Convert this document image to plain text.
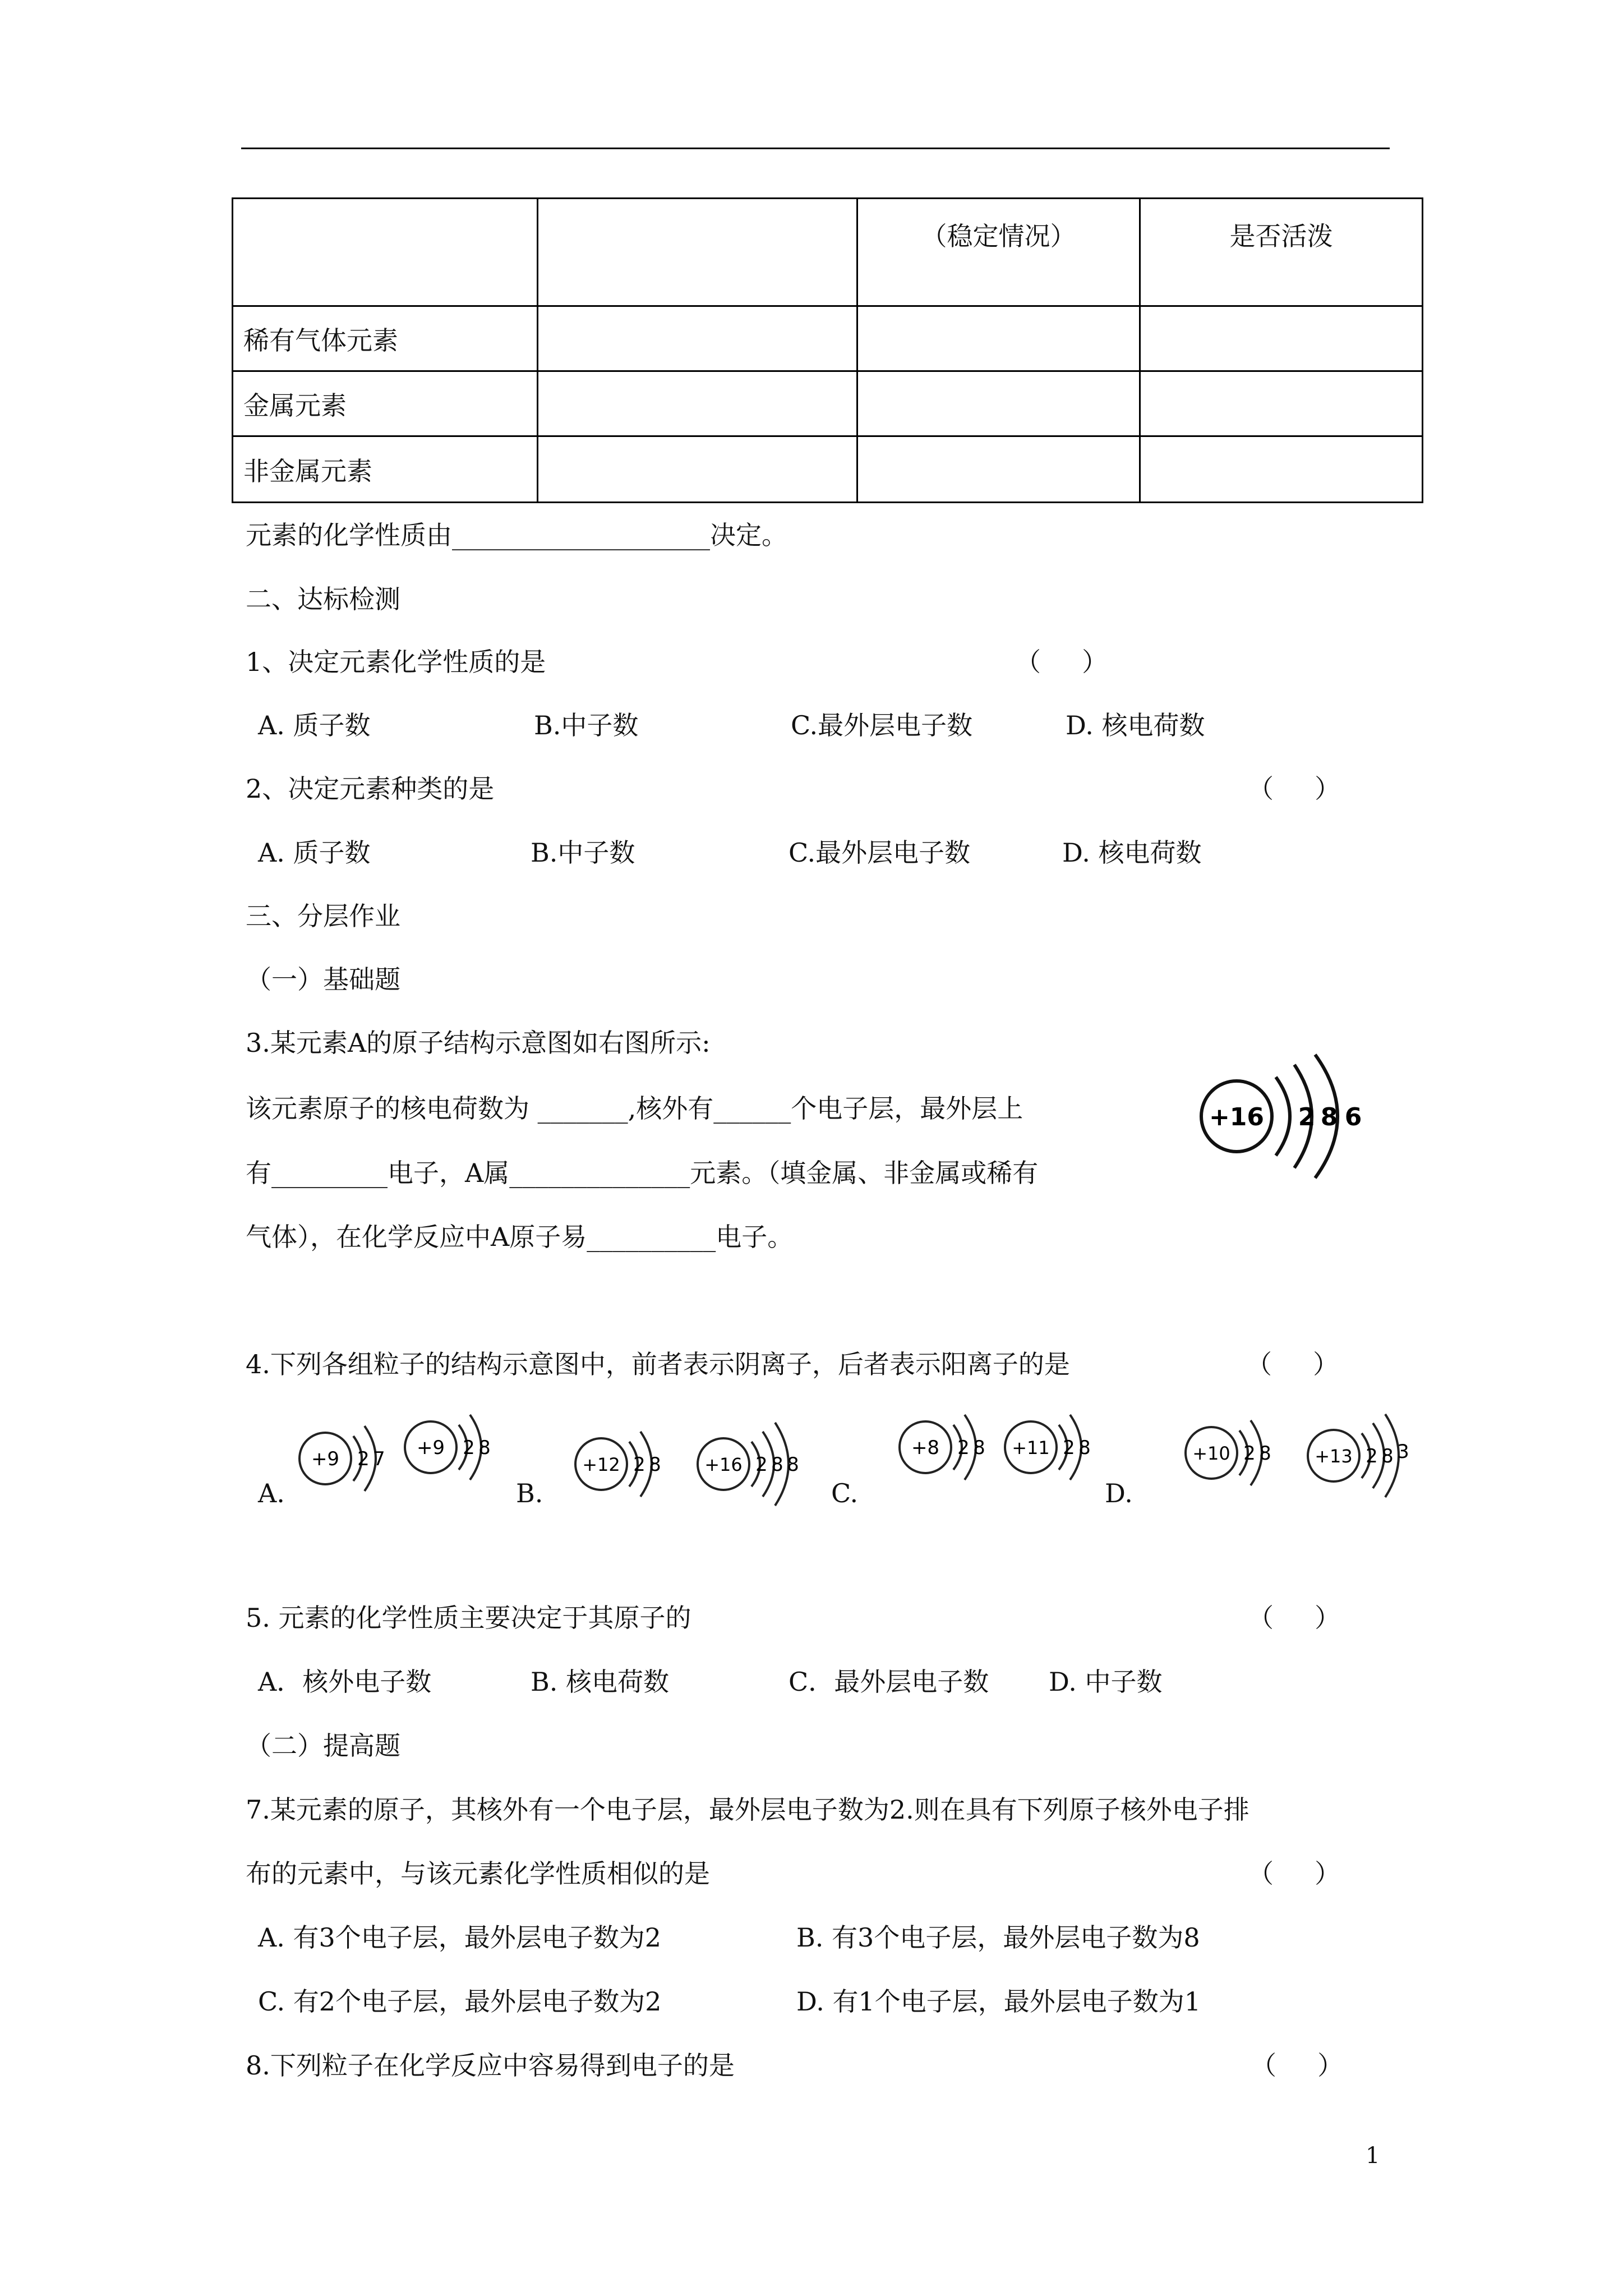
		（稳定情况）	是否活泼
稀有气体元素			
金属元素			
非金属元素			
元素的化学性质由____________________决定。
二、达标检测
1、决定元素化学性质的是	（     ）
A. 质子数	B.中子数	C.最外层电子数	D. 核电荷数
2、决定元素种类的是	（     ）
A. 质子数	B.中子数	C.最外层电子数	D. 核电荷数
三、分层作业
（一）基础题
3.某元素A的原子结构示意图如右图所示:
该元素原子的核电荷数为 _______,核外有______个电子层，最外层上
有_________电子，A属______________元素。（填金属、非金属或稀有
气体），在化学反应中A原子易__________电子。
+16 2 8 6
4.下列各组粒子的结构示意图中，前者表示阴离子，后者表示阳离子的是	（     ）
A.	B.	C.	D.
+9 2 7 +9 2 8
+12 2 8 +16 2 8 8
+8 2 8 +11 2 8	+10 2 8 +13 2 8 3
5. 元素的化学性质主要决定于其原子的	（     ）
A．核外电子数	B. 核电荷数	C．最外层电子数 D. 中子数
（二）提高题
7.某元素的原子，其核外有一个电子层，最外层电子数为2.则在具有下列原子核外电子排
布的元素中，与该元素化学性质相似的是	（     ）
A. 有3个电子层，最外层电子数为2	B. 有3个电子层，最外层电子数为8
C. 有2个电子层，最外层电子数为2	D. 有1个电子层，最外层电子数为1
8.下列粒子在化学反应中容易得到电子的是	（     ）
1
